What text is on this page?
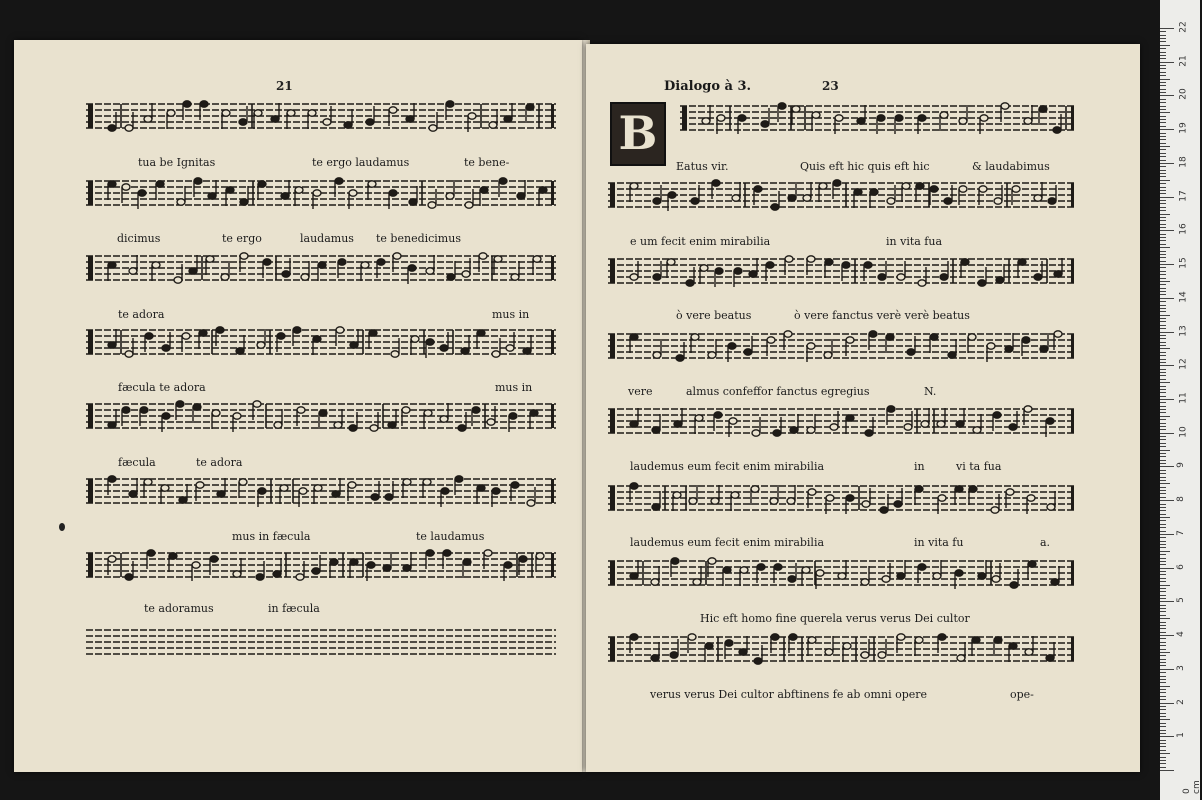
21
tua be Ignitas	te ergo laudamus	te bene-
dicimus	te ergo	laudamus te benedicimus
te adora	mus in
fæcula te adora	mus in
fæcula	te adora
mus in fæcula	te laudamus
te adoramus	in fæcula
Dialogo à 3.	23
B
Eatus vir.	Quis eft hic quis eft hic	& laudabimus
e um fecit enim mirabilia	in vita fua
ò vere beatus	ò vere fanctus verè verè beatus
vere	almus confeffor fanctus egregius	N.
laudemus eum fecit enim mirabilia	in	vi ta fua
laudemus eum fecit enim mirabilia	in vita fu	a.
Hic eft homo fine querela verus verus Dei cultor
verus verus Dei cultor abftinens fe ab omni opere	ope-
0 cm
1
2
3
4
5
6
7
8
9
10
11
12
13
14
15
16
17
18
19
20
21
22
